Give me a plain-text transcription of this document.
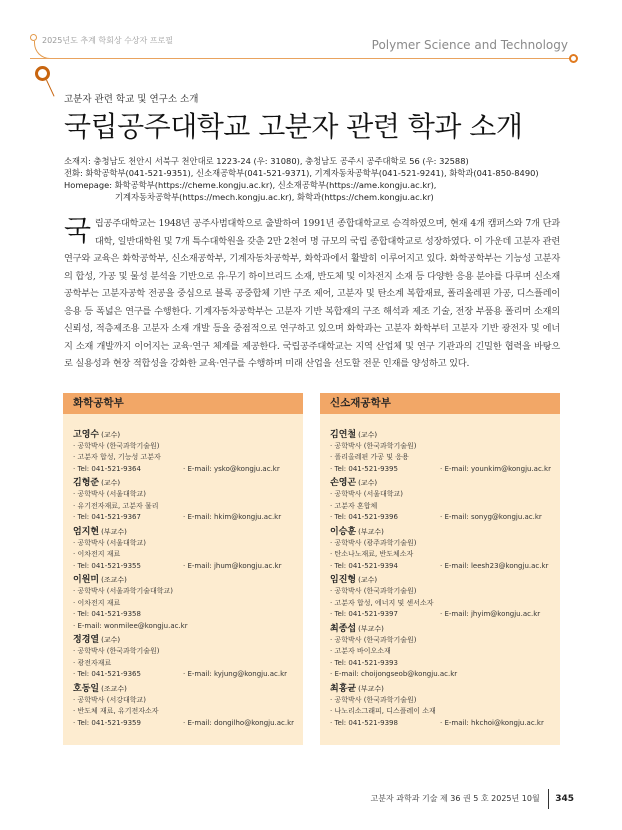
2025년도 추계 학회상 수상자 프로필	Polymer Science and Technology
고분자 관련 학교 및 연구소 소개
국립공주대학교 고분자 관련 학과 소개
소재지: 충청남도 천안시 서북구 천안대로 1223-24 (우: 31080), 충청남도 공주시 공주대학로 56 (우: 32588)
전화: 화학공학부(041-521-9351), 신소재공학부(041-521-9371), 기계자동차공학부(041-521-9241), 화학과(041-850-8490)
Homepage: 화학공학부(https://cheme.kongju.ac.kr), 신소재공학부(https://ame.kongju.ac.kr),
기계자동차공학부(https://mech.kongju.ac.kr), 화학과(https://chem.kongju.ac.kr)
국립공주대학교는 1948년 공주사범대학으로 출발하여 1991년 종합대학교로 승격하였으며, 현재 4개 캠퍼스와 7개 단과대학, 일반대학원 및 7개 특수대학원을 갖춘 2만 2천여 명 규모의 국립 종합대학교로 성장하였다. 이 가운데 고분자 관련 연구와 교육은 화학공학부, 신소재공학부, 기계자동차공학부, 화학과에서 활발히 이루어지고 있다. 화학공학부는 기능성 고분자의 합성, 가공 및 물성 분석을 기반으로 유·무기 하이브리드 소재, 반도체 및 이차전지 소재 등 다양한 응용 분야를 다루며 신소재공학부는 고분자공학 전공을 중심으로 블록 공중합체 기반 구조 제어, 고분자 및 탄소계 복합재료, 폴리올레핀 가공, 디스플레이 응용 등 폭넓은 연구를 수행한다. 기계자동차공학부는 고분자 기반 복합재의 구조 해석과 제조 기술, 전장 부품용 폴리머 소재의 신뢰성, 적층제조용 고분자 소재 개발 등을 중점적으로 연구하고 있으며 화학과는 고분자 화학부터 고분자 기반 광전자 및 에너지 소재 개발까지 이어지는 교육·연구 체계를 제공한다. 국립공주대학교는 지역 산업체 및 연구 기관과의 긴밀한 협력을 바탕으로 실용성과 현장 적합성을 강화한 교육·연구를 수행하며 미래 산업을 선도할 전문 인재를 양성하고 있다.
화학공학부
고영수 (교수)
· 공학박사 (한국과학기술원)
· 고분자 합성, 기능성 고분자
· Tel: 041-521-9364	· E-mail: ysko@kongju.ac.kr
김형준 (교수)
· 공학박사 (서울대학교)
· 유기전자재료, 고분자 물리
· Tel: 041-521-9367	· E-mail: hkim@kongju.ac.kr
엄지현 (부교수)
· 공학박사 (서울대학교)
· 이차전지 재료
· Tel: 041-521-9355	· E-mail: jhum@kongju.ac.kr
이원미 (조교수)
· 공학박사 (서울과학기술대학교)
· 이차전지 재료
· Tel: 041-521-9358· E-mail: wonmilee@kongju.ac.kr
정경열 (교수)
· 공학박사 (한국과학기술원)
· 광전자재료
· Tel: 041-521-9365	· E-mail: kyjung@kongju.ac.kr
호동일 (조교수)
· 공학박사 (서강대학교)
· 반도체 재료, 유기전자소자
· Tel: 041-521-9359	· E-mail: dongilho@kongju.ac.kr
신소재공학부
김연철 (교수)
· 공학박사 (한국과학기술원)
· 폴리올레핀 가공 및 응용
· Tel: 041-521-9395	· E-mail: younkim@kongju.ac.kr
손영곤 (교수)
· 공학박사 (서울대학교)
· 고분자 혼합체
· Tel: 041-521-9396	· E-mail: sonyg@kongju.ac.kr
이승훈 (부교수)
· 공학박사 (광주과학기술원)
· 탄소나노재료, 반도체소자
· Tel: 041-521-9394	· E-mail: leesh23@kongju.ac.kr
임진형 (교수)
· 공학박사 (한국과학기술원)
· 고분자 합성, 에너지 및 센서소자
· Tel: 041-521-9397	· E-mail: jhyim@kongju.ac.kr
최종섭 (부교수)
· 공학박사 (한국과학기술원)
· 고분자 바이오소재
· Tel: 041-521-9393· E-mail: choijongseob@kongju.ac.kr
최홍균 (부교수)
· 공학박사 (한국과학기술원)
· 나노리소그래피, 디스플레이 소재
· Tel: 041-521-9398	· E-mail: hkchoi@kongju.ac.kr
고분자 과학과 기술 제 36 권 5 호 2025년 10월 345
